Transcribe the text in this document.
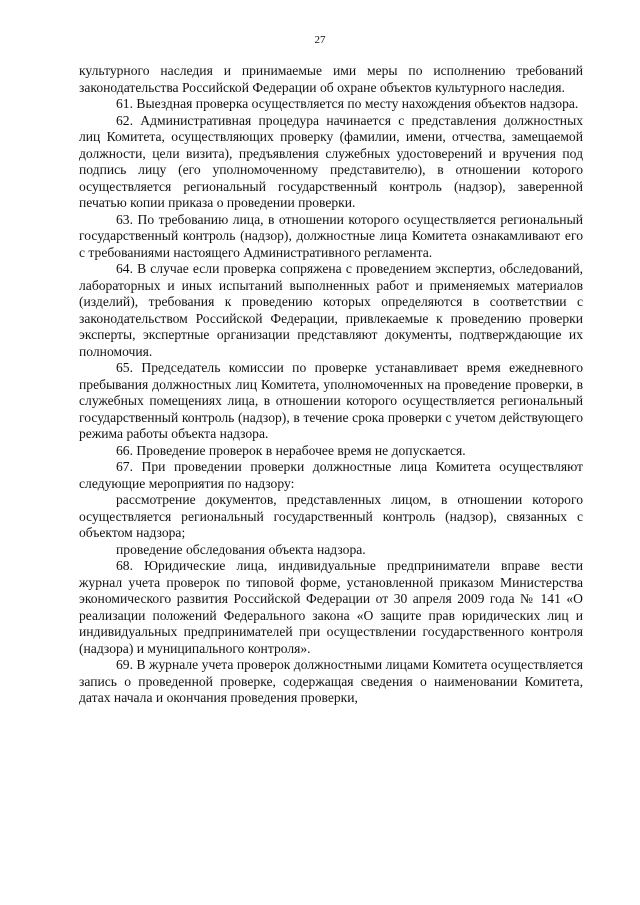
27

культурного наследия и принимаемые ими меры по исполнению требований законодательства Российской Федерации об охране объектов культурного наследия.

61. Выездная проверка осуществляется по месту нахождения объектов надзора.

62. Административная процедура начинается с представления должностных лиц Комитета, осуществляющих проверку (фамилии, имени, отчества, замещаемой должности, цели визита), предъявления служебных удостоверений и вручения под подпись лицу (его уполномоченному представителю), в отношении которого осуществляется региональный государственный контроль (надзор), заверенной печатью копии приказа о проведении проверки.

63. По требованию лица, в отношении которого осуществляется региональный государственный контроль (надзор), должностные лица Комитета ознакамливают его с требованиями настоящего Административного регламента.

64. В случае если проверка сопряжена с проведением экспертиз, обследований, лабораторных и иных испытаний выполненных работ и применяемых материалов (изделий), требования к проведению которых определяются в соответствии с законодательством Российской Федерации, привлекаемые к проведению проверки эксперты, экспертные организации представляют документы, подтверждающие их полномочия.

65. Председатель комиссии по проверке устанавливает время ежедневного пребывания должностных лиц Комитета, уполномоченных на проведение проверки, в служебных помещениях лица, в отношении которого осуществляется региональный государственный контроль (надзор), в течение срока проверки с учетом действующего режима работы объекта надзора.

66. Проведение проверок в нерабочее время не допускается.

67. При проведении проверки должностные лица Комитета осуществляют следующие мероприятия по надзору:

рассмотрение документов, представленных лицом, в отношении которого осуществляется региональный государственный контроль (надзор), связанных с объектом надзора;

проведение обследования объекта надзора.

68. Юридические лица, индивидуальные предприниматели вправе вести журнал учета проверок по типовой форме, установленной приказом Министерства экономического развития Российской Федерации от 30 апреля 2009 года № 141 «О реализации положений Федерального закона «О защите прав юридических лиц и индивидуальных предпринимателей при осуществлении государственного контроля (надзора) и муниципального контроля».

69. В журнале учета проверок должностными лицами Комитета осуществляется запись о проведенной проверке, содержащая сведения о наименовании Комитета, датах начала и окончания проведения проверки,
